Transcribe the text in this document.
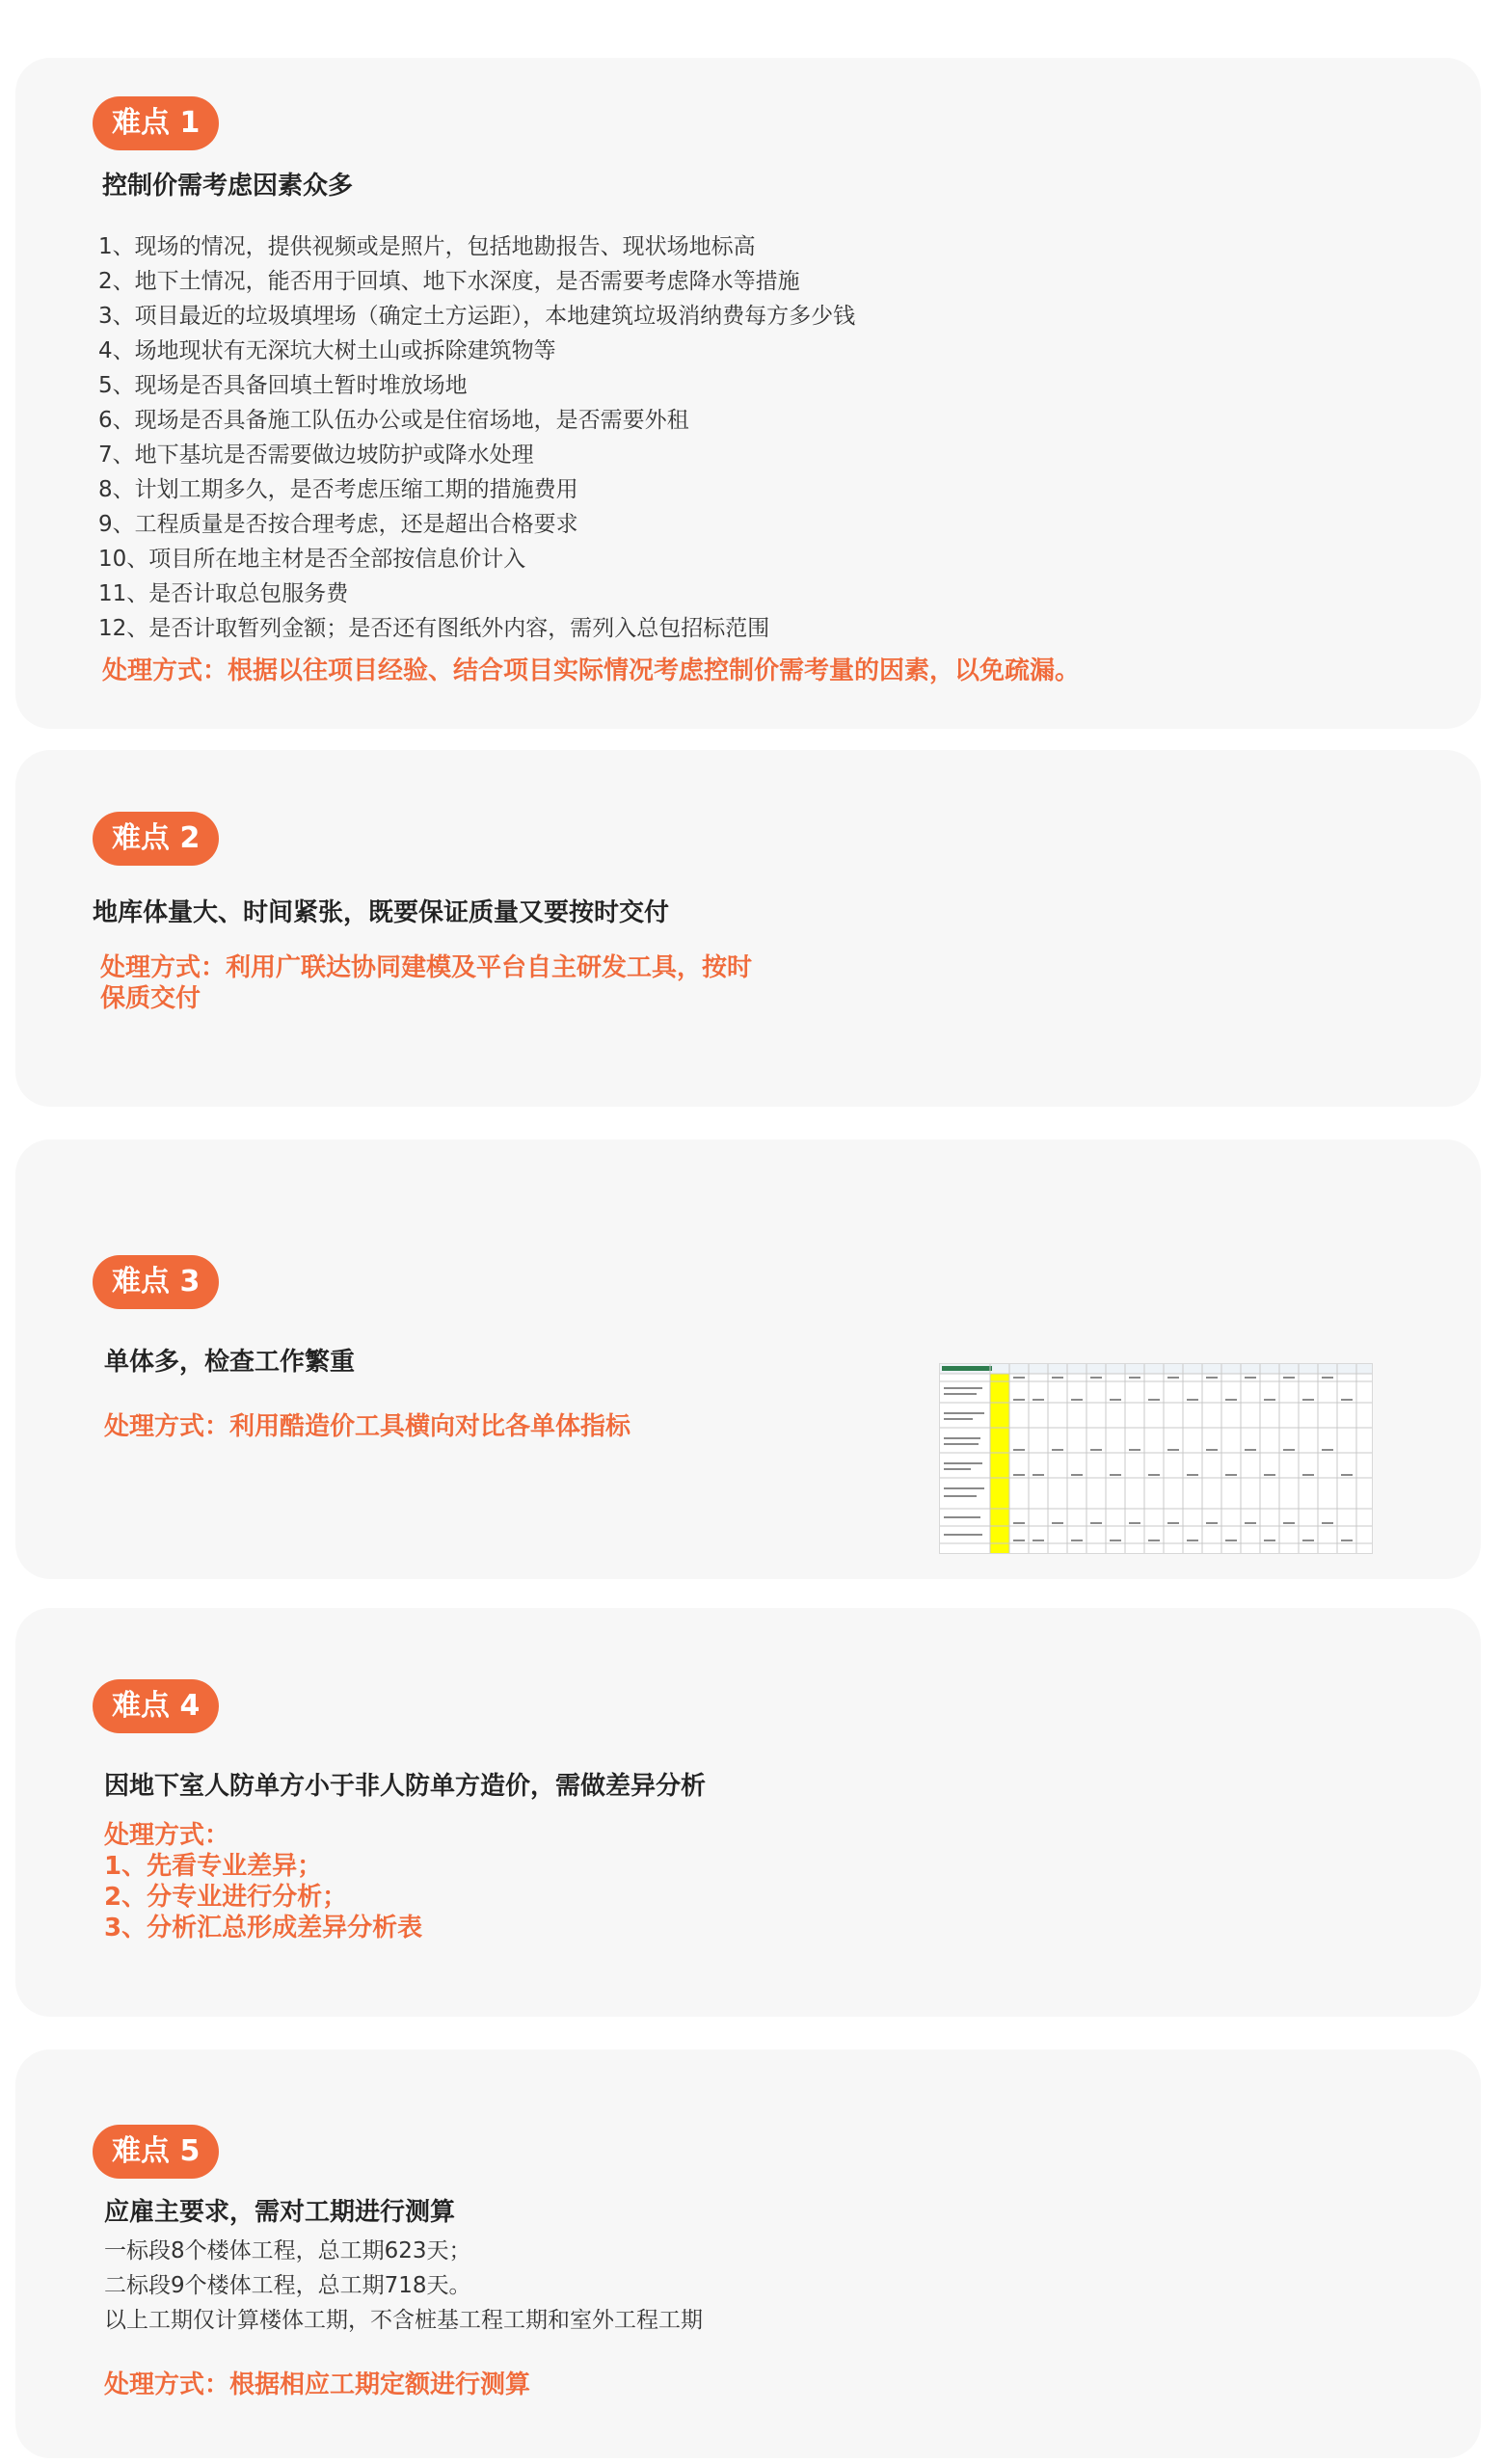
难点 1
控制价需考虑因素众多
1、现场的情况，提供视频或是照片，包括地勘报告、现状场地标高
2、地下土情况，能否用于回填、地下水深度，是否需要考虑降水等措施
3、项目最近的垃圾填埋场（确定土方运距），本地建筑垃圾消纳费每方多少钱
4、场地现状有无深坑大树土山或拆除建筑物等
5、现场是否具备回填土暂时堆放场地
6、现场是否具备施工队伍办公或是住宿场地，是否需要外租
7、地下基坑是否需要做边坡防护或降水处理
8、计划工期多久，是否考虑压缩工期的措施费用
9、工程质量是否按合理考虑，还是超出合格要求
10、项目所在地主材是否全部按信息价计入
11、是否计取总包服务费
12、是否计取暂列金额；是否还有图纸外内容，需列入总包招标范围
处理方式：根据以往项目经验、结合项目实际情况考虑控制价需考量的因素，以免疏漏。
难点 2
地库体量大、时间紧张，既要保证质量又要按时交付
处理方式：利用广联达协同建模及平台自主研发工具，按时
保质交付
难点 3
单体多，检查工作繁重
处理方式：利用酷造价工具横向对比各单体指标
难点 4
因地下室人防单方小于非人防单方造价，需做差异分析
处理方式：
1、先看专业差异；
2、分专业进行分析；
3、分析汇总形成差异分析表
难点 5
应雇主要求，需对工期进行测算
一标段8个楼体工程，总工期623天；
二标段9个楼体工程，总工期718天。
以上工期仅计算楼体工期，不含桩基工程工期和室外工程工期
处理方式：根据相应工期定额进行测算
